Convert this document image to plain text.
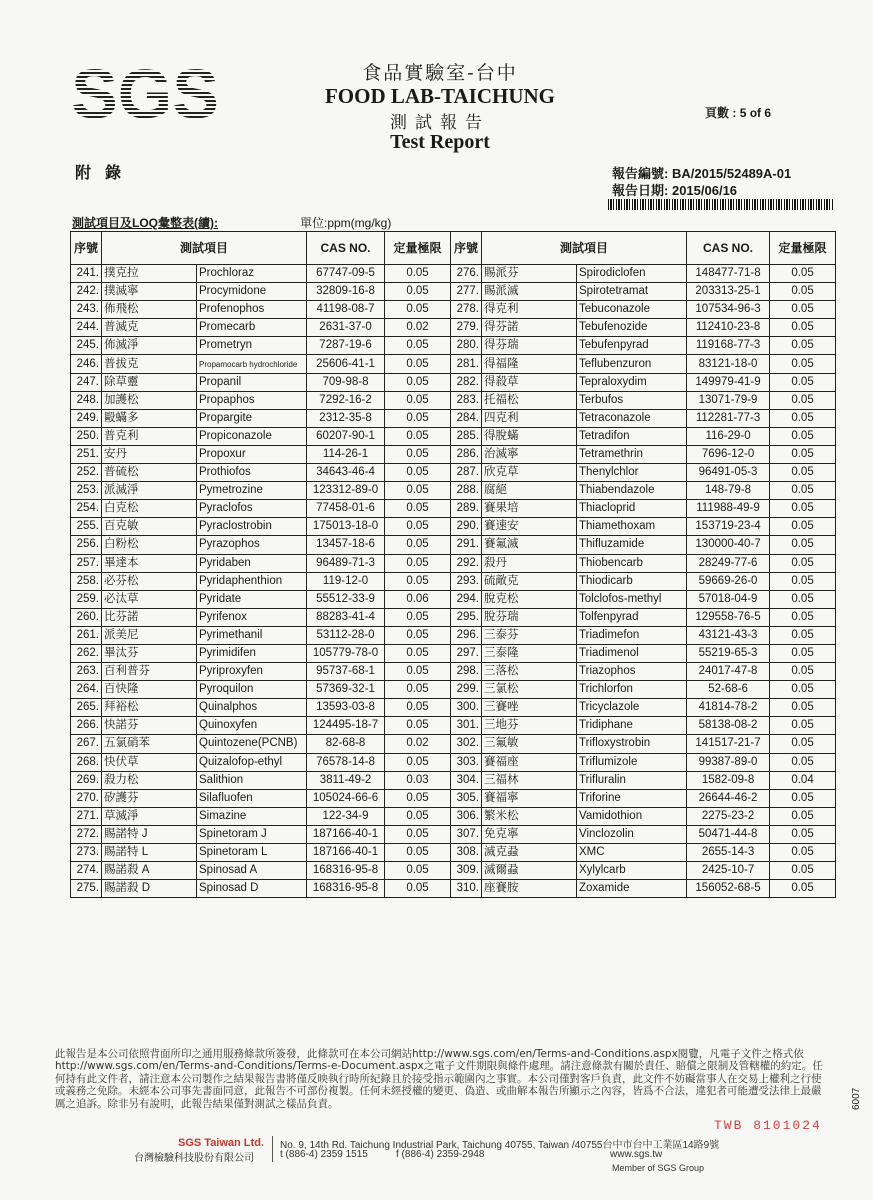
食品實驗室-台中
FOOD LAB-TAICHUNG
測試報告
Test Report
頁數 : 5 of 6
附錄	報告編號: BA/2015/52489A-01
報告日期: 2015/06/16
測試項目及LOQ彙整表(續):	單位:ppm(mg/kg)
序號	測試項目		CAS NO.	定量極限	序號	測試項目		CAS NO.	定量極限
241.	撲克拉	Prochloraz	67747-09-5	0.05	276.	賜派芬	Spirodiclofen	148477-71-8	0.05
242.	撲滅寧	Procymidone	32809-16-8	0.05	277.	賜派滅	Spirotetramat	203313-25-1	0.05
243.	佈飛松	Profenophos	41198-08-7	0.05	278.	得克利	Tebuconazole	107534-96-3	0.05
244.	普滅克	Promecarb	2631-37-0	0.02	279.	得芬諾	Tebufenozide	112410-23-8	0.05
245.	佈滅淨	Prometryn	7287-19-6	0.05	280.	得芬瑞	Tebufenpyrad	119168-77-3	0.05
246.	普拔克	Propamocarb hydrochloride	25606-41-1	0.05	281.	得福隆	Teflubenzuron	83121-18-0	0.05
247.	除草靈	Propanil	709-98-8	0.05	282.	得殺草	Tepraloxydim	149979-41-9	0.05
248.	加護松	Propaphos	7292-16-2	0.05	283.	托福松	Terbufos	13071-79-9	0.05
249.	毆蟎多	Propargite	2312-35-8	0.05	284.	四克利	Tetraconazole	112281-77-3	0.05
250.	普克利	Propiconazole	60207-90-1	0.05	285.	得脫蟎	Tetradifon	116-29-0	0.05
251.	安丹	Propoxur	114-26-1	0.05	286.	治滅寧	Tetramethrin	7696-12-0	0.05
252.	普硫松	Prothiofos	34643-46-4	0.05	287.	欣克草	Thenylchlor	96491-05-3	0.05
253.	派滅淨	Pymetrozine	123312-89-0	0.05	288.	腐絕	Thiabendazole	148-79-8	0.05
254.	白克松	Pyraclofos	77458-01-6	0.05	289.	賽果培	Thiacloprid	111988-49-9	0.05
255.	百克敏	Pyraclostrobin	175013-18-0	0.05	290.	賽速安	Thiamethoxam	153719-23-4	0.05
256.	白粉松	Pyrazophos	13457-18-6	0.05	291.	賽氟滅	Thifluzamide	130000-40-7	0.05
257.	畢達本	Pyridaben	96489-71-3	0.05	292.	殺丹	Thiobencarb	28249-77-6	0.05
258.	必芬松	Pyridaphenthion	119-12-0	0.05	293.	硫敵克	Thiodicarb	59669-26-0	0.05
259.	必汰草	Pyridate	55512-33-9	0.06	294.	脫克松	Tolclofos-methyl	57018-04-9	0.05
260.	比芬諾	Pyrifenox	88283-41-4	0.05	295.	脫芬瑞	Tolfenpyrad	129558-76-5	0.05
261.	派美尼	Pyrimethanil	53112-28-0	0.05	296.	三泰芬	Triadimefon	43121-43-3	0.05
262.	畢汰芬	Pyrimidifen	105779-78-0	0.05	297.	三泰隆	Triadimenol	55219-65-3	0.05
263.	百利普芬	Pyriproxyfen	95737-68-1	0.05	298.	三落松	Triazophos	24017-47-8	0.05
264.	百快隆	Pyroquilon	57369-32-1	0.05	299.	三氯松	Trichlorfon	52-68-6	0.05
265.	拜裕松	Quinalphos	13593-03-8	0.05	300.	三賽唑	Tricyclazole	41814-78-2	0.05
266.	快諾芬	Quinoxyfen	124495-18-7	0.05	301.	三地芬	Tridiphane	58138-08-2	0.05
267.	五氯硝苯	Quintozene(PCNB)	82-68-8	0.02	302.	三氟敏	Trifloxystrobin	141517-21-7	0.05
268.	快伏草	Quizalofop-ethyl	76578-14-8	0.05	303.	賽福座	Triflumizole	99387-89-0	0.05
269.	殺力松	Salithion	3811-49-2	0.03	304.	三福林	Trifluralin	1582-09-8	0.04
270.	矽護芬	Silafluofen	105024-66-6	0.05	305.	賽福寧	Triforine	26644-46-2	0.05
271.	草滅淨	Simazine	122-34-9	0.05	306.	繁米松	Vamidothion	2275-23-2	0.05
272.	賜諾特 J	Spinetoram J	187166-40-1	0.05	307.	免克寧	Vinclozolin	50471-44-8	0.05
273.	賜諾特 L	Spinetoram L	187166-40-1	0.05	308.	滅克蝨	XMC	2655-14-3	0.05
274.	賜諾殺 A	Spinosad A	168316-95-8	0.05	309.	滅爾蝨	Xylylcarb	2425-10-7	0.05
275.	賜諾殺 D	Spinosad D	168316-95-8	0.05	310.	座賽胺	Zoxamide	156052-68-5	0.05
此報告是本公司依照背面所印之通用服務條款所簽發，此條款可在本公司網站http://www.sgs.com/en/Terms-and-Conditions.aspx閱覽，凡電子文件之格式依http://www.sgs.com/en/Terms-and-Conditions/Terms-e-Document.aspx之電子文件期限與條件處理。請注意條款有關於責任、賠償之限制及管轄權的約定。任何持有此文件者，請注意本公司製作之結果報告書將僅反映執行時所紀錄且於接受指示範圍內之事實。本公司僅對客戶負責，此文件不妨礙當事人在交易上權利之行使或義務之免除。未經本公司事先書面同意，此報告不可部份複製。任何未經授權的變更、偽造、或曲解本報告所顯示之內容，皆爲不合法，違犯者可能遭受法律上最嚴厲之追訴。除非另有說明，此報告結果僅對測試之樣品負責。
TWB 8101024
6007
SGS Taiwan Ltd.
台灣檢驗科技股份有限公司
No. 9, 14th Rd. Taichung Industrial Park, Taichung 40755, Taiwan /40755台中市台中工業區14路9號
t (886-4) 2359 1515	f (886-4) 2359-2948	www.sgs.tw
Member of SGS Group
